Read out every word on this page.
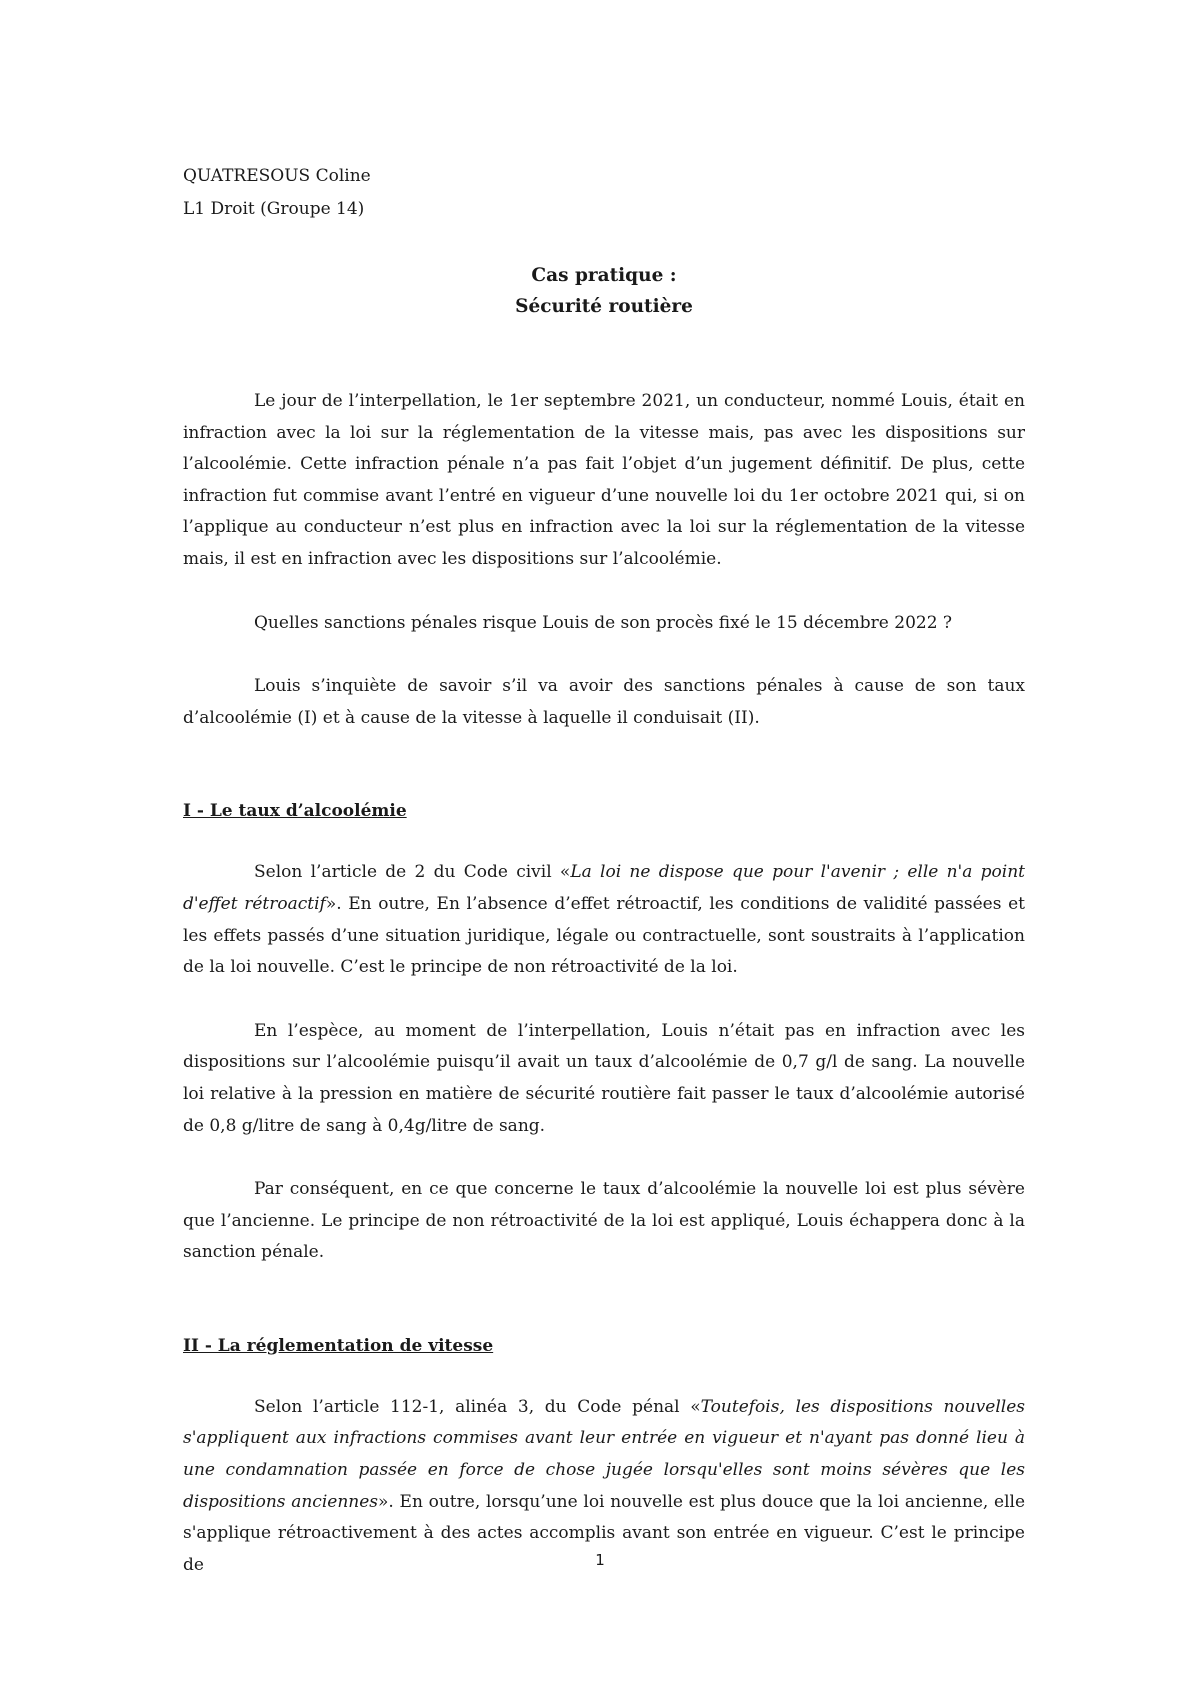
QUATRESOUS Coline
L1 Droit (Groupe 14)
Cas pratique :
Sécurité routière

Le jour de l’interpellation, le 1er septembre 2021, un conducteur, nommé Louis, était en infraction avec la loi sur la réglementation de la vitesse mais, pas avec les dispositions sur l’alcoolémie. Cette infraction pénale n’a pas fait l’objet d’un jugement définitif. De plus, cette infraction fut commise avant l’entré en vigueur d’une nouvelle loi du 1er octobre 2021 qui, si on l’applique au conducteur n’est plus en infraction avec la loi sur la réglementation de la vitesse mais, il est en infraction avec les dispositions sur l’alcoolémie.

Quelles sanctions pénales risque Louis de son procès fixé le 15 décembre 2022 ?

Louis s’inquiète de savoir s’il va avoir des sanctions pénales à cause de son taux d’alcoolémie (I) et à cause de la vitesse à laquelle il conduisait (II).

I - Le taux d’alcoolémie

Selon l’article de 2 du Code civil «La loi ne dispose que pour l'avenir ; elle n'a point d'effet rétroactif». En outre, En l’absence d’effet rétroactif, les conditions de validité passées et les effets passés d’une situation juridique, légale ou contractuelle, sont soustraits à l’application de la loi nouvelle. C’est le principe de non rétroactivité de la loi.

En l’espèce, au moment de l’interpellation, Louis n’était pas en infraction avec les dispositions sur l’alcoolémie puisqu’il avait un taux d’alcoolémie de 0,7 g/l de sang. La nouvelle loi relative à la pression en matière de sécurité routière fait passer le taux d’alcoolémie autorisé de 0,8 g/litre de sang à 0,4g/litre de sang.

Par conséquent, en ce que concerne le taux d’alcoolémie la nouvelle loi est plus sévère que l’ancienne. Le principe de non rétroactivité de la loi est appliqué, Louis échappera donc à la sanction pénale.

II - La réglementation de vitesse

Selon l’article 112-1, alinéa 3, du Code pénal «Toutefois, les dispositions nouvelles s'appliquent aux infractions commises avant leur entrée en vigueur et n'ayant pas donné lieu à une condamnation passée en force de chose jugée lorsqu'elles sont moins sévères que les dispositions anciennes». En outre, lorsqu’une loi nouvelle est plus douce que la loi ancienne, elle s'applique rétroactivement à des actes accomplis avant son entrée en vigueur. C’est le principe de	1
